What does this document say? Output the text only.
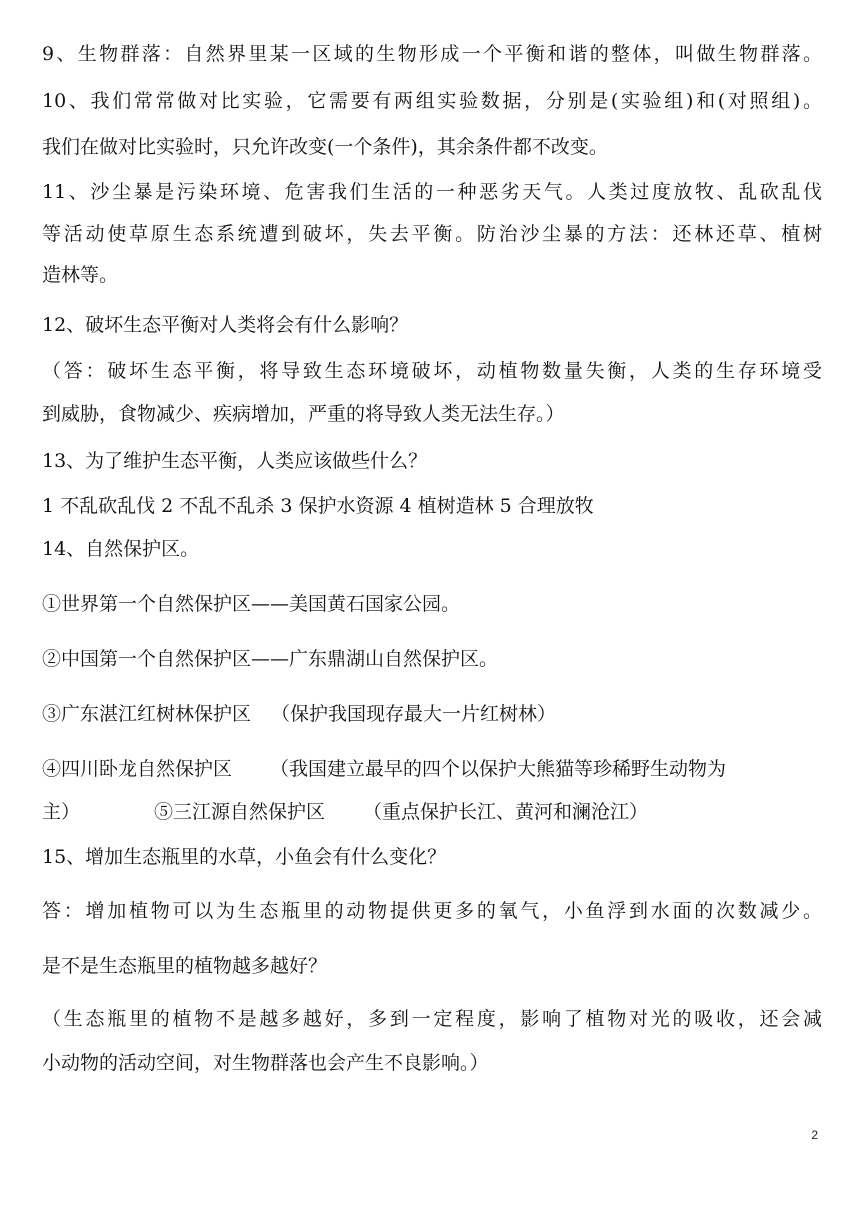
9、生物群落：自然界里某一区域的生物形成一个平衡和谐的整体，叫做生物群落。
10、我们常常做对比实验，它需要有两组实验数据，分别是(实验组)和(对照组)。
我们在做对比实验时，只允许改变(一个条件)，其余条件都不改变。
11、沙尘暴是污染环境、危害我们生活的一种恶劣天气。人类过度放牧、乱砍乱伐
等活动使草原生态系统遭到破坏，失去平衡。防治沙尘暴的方法：还林还草、植树
造林等。
12、破坏生态平衡对人类将会有什么影响？
（答：破坏生态平衡，将导致生态环境破坏，动植物数量失衡，人类的生存环境受
到威胁，食物减少、疾病增加，严重的将导致人类无法生存。）
13、为了维护生态平衡，人类应该做些什么？
1 不乱砍乱伐 2 不乱不乱杀 3 保护水资源 4 植树造林 5 合理放牧
14、自然保护区。
①世界第一个自然保护区——美国黄石国家公园。
②中国第一个自然保护区——广东鼎湖山自然保护区。
③广东湛江红树林保护区 （保护我国现存最大一片红树林）
④四川卧龙自然保护区 （我国建立最早的四个以保护大熊猫等珍稀野生动物为
主）	⑤三江源自然保护区 （重点保护长江、黄河和澜沧江）
15、增加生态瓶里的水草，小鱼会有什么变化？
答：增加植物可以为生态瓶里的动物提供更多的氧气，小鱼浮到水面的次数减少。
是不是生态瓶里的植物越多越好？
（生态瓶里的植物不是越多越好，多到一定程度，影响了植物对光的吸收，还会减
小动物的活动空间，对生物群落也会产生不良影响。）
2
